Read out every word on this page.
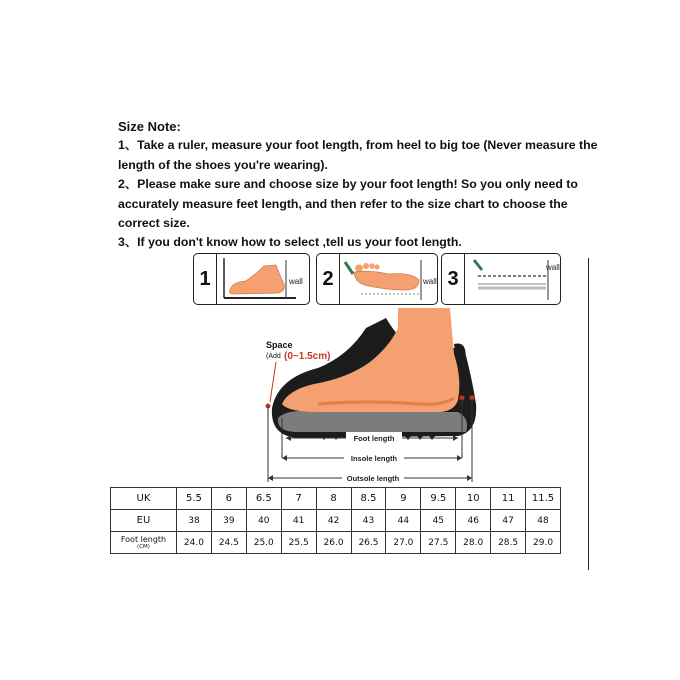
Size Note:
1、Take a ruler, measure your foot length, from heel to big toe (Never measure the
length of the shoes you're wearing).
2、Please make sure and choose size by your foot length! So you only need to
accurately measure feet length, and then refer to the size chart to choose the
correct size.
3、If you don't know how to select ,tell us your foot length.
1	wall 2	wall 3
wall
Foot length
Insole length
Outsole length
Space
(Add (0~1.5cm)
UK	5.5	6	6.5	7	8	8.5	9	9.5	10	11	11.5
EU	38	39	40	41	42	43	44	45	46	47	48
Foot length
(CM)	24.0	24.5	25.0	25.5	26.0	26.5	27.0	27.5	28.0	28.5	29.0
